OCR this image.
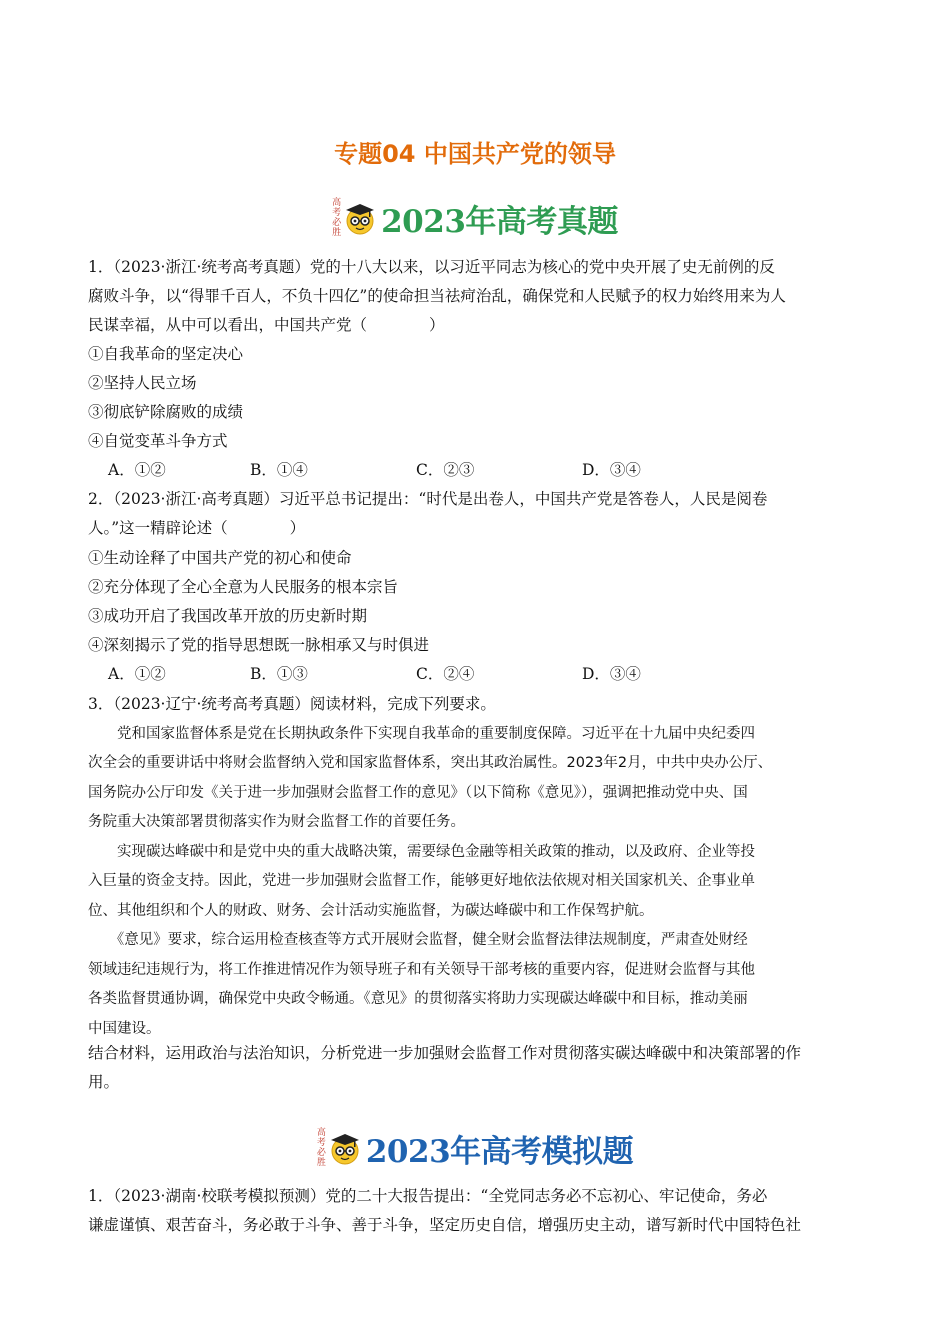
专题04 中国共产党的领导
高
考
必
胜 2023年高考真题
1．（2023·浙江·统考高考真题）党的十八大以来，以习近平同志为核心的党中央开展了史无前例的反
腐败斗争，以“得罪千百人，不负十四亿”的使命担当祛疴治乱，确保党和人民赋予的权力始终用来为人
民谋幸福，从中可以看出，中国共产党（　　　　）
①自我革命的坚定决心
②坚持人民立场
③彻底铲除腐败的成绩
④自觉变革斗争方式
A．①②	B．①④	C．②③	D．③④
2．（2023·浙江·高考真题）习近平总书记提出：“时代是出卷人，中国共产党是答卷人，人民是阅卷
人。”这一精辟论述（　　　　）
①生动诠释了中国共产党的初心和使命
②充分体现了全心全意为人民服务的根本宗旨
③成功开启了我国改革开放的历史新时期
④深刻揭示了党的指导思想既一脉相承又与时俱进
A．①②	B．①③	C．②④	D．③④
3．（2023·辽宁·统考高考真题）阅读材料，完成下列要求。
　　党和国家监督体系是党在长期执政条件下实现自我革命的重要制度保障。习近平在十九届中央纪委四
次全会的重要讲话中将财会监督纳入党和国家监督体系，突出其政治属性。2023年2月，中共中央办公厅、
国务院办公厅印发《关于进一步加强财会监督工作的意见》（以下简称《意见》），强调把推动党中央、国
务院重大决策部署贯彻落实作为财会监督工作的首要任务。
　　实现碳达峰碳中和是党中央的重大战略决策，需要绿色金融等相关政策的推动，以及政府、企业等投
入巨量的资金支持。因此，党进一步加强财会监督工作，能够更好地依法依规对相关国家机关、企事业单
位、其他组织和个人的财政、财务、会计活动实施监督，为碳达峰碳中和工作保驾护航。
　　《意见》要求，综合运用检查核查等方式开展财会监督，健全财会监督法律法规制度，严肃查处财经
领域违纪违规行为，将工作推进情况作为领导班子和有关领导干部考核的重要内容，促进财会监督与其他
各类监督贯通协调，确保党中央政令畅通。《意见》的贯彻落实将助力实现碳达峰碳中和目标，推动美丽
中国建设。
结合材料，运用政治与法治知识，分析党进一步加强财会监督工作对贯彻落实碳达峰碳中和决策部署的作
用。
高
考
必
胜 2023年高考模拟题
1．（2023·湖南·校联考模拟预测）党的二十大报告提出：“全党同志务必不忘初心、牢记使命，务必
谦虚谨慎、艰苦奋斗，务必敢于斗争、善于斗争，坚定历史自信，增强历史主动，谱写新时代中国特色社
